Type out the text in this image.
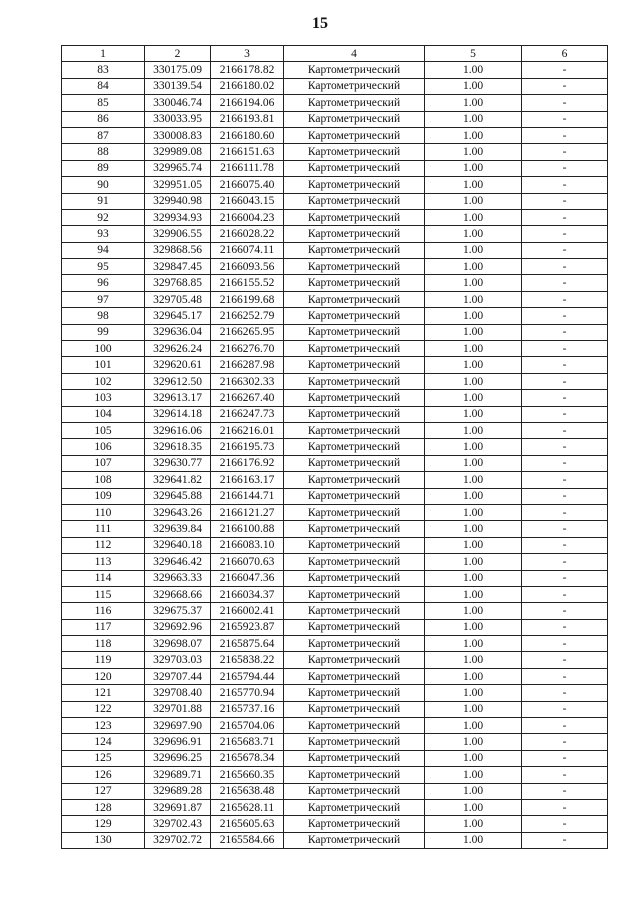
15
1	2	3	4	5	6
83	330175.09	2166178.82	Картометрический	1.00	-
84	330139.54	2166180.02	Картометрический	1.00	-
85	330046.74	2166194.06	Картометрический	1.00	-
86	330033.95	2166193.81	Картометрический	1.00	-
87	330008.83	2166180.60	Картометрический	1.00	-
88	329989.08	2166151.63	Картометрический	1.00	-
89	329965.74	2166111.78	Картометрический	1.00	-
90	329951.05	2166075.40	Картометрический	1.00	-
91	329940.98	2166043.15	Картометрический	1.00	-
92	329934.93	2166004.23	Картометрический	1.00	-
93	329906.55	2166028.22	Картометрический	1.00	-
94	329868.56	2166074.11	Картометрический	1.00	-
95	329847.45	2166093.56	Картометрический	1.00	-
96	329768.85	2166155.52	Картометрический	1.00	-
97	329705.48	2166199.68	Картометрический	1.00	-
98	329645.17	2166252.79	Картометрический	1.00	-
99	329636.04	2166265.95	Картометрический	1.00	-
100	329626.24	2166276.70	Картометрический	1.00	-
101	329620.61	2166287.98	Картометрический	1.00	-
102	329612.50	2166302.33	Картометрический	1.00	-
103	329613.17	2166267.40	Картометрический	1.00	-
104	329614.18	2166247.73	Картометрический	1.00	-
105	329616.06	2166216.01	Картометрический	1.00	-
106	329618.35	2166195.73	Картометрический	1.00	-
107	329630.77	2166176.92	Картометрический	1.00	-
108	329641.82	2166163.17	Картометрический	1.00	-
109	329645.88	2166144.71	Картометрический	1.00	-
110	329643.26	2166121.27	Картометрический	1.00	-
111	329639.84	2166100.88	Картометрический	1.00	-
112	329640.18	2166083.10	Картометрический	1.00	-
113	329646.42	2166070.63	Картометрический	1.00	-
114	329663.33	2166047.36	Картометрический	1.00	-
115	329668.66	2166034.37	Картометрический	1.00	-
116	329675.37	2166002.41	Картометрический	1.00	-
117	329692.96	2165923.87	Картометрический	1.00	-
118	329698.07	2165875.64	Картометрический	1.00	-
119	329703.03	2165838.22	Картометрический	1.00	-
120	329707.44	2165794.44	Картометрический	1.00	-
121	329708.40	2165770.94	Картометрический	1.00	-
122	329701.88	2165737.16	Картометрический	1.00	-
123	329697.90	2165704.06	Картометрический	1.00	-
124	329696.91	2165683.71	Картометрический	1.00	-
125	329696.25	2165678.34	Картометрический	1.00	-
126	329689.71	2165660.35	Картометрический	1.00	-
127	329689.28	2165638.48	Картометрический	1.00	-
128	329691.87	2165628.11	Картометрический	1.00	-
129	329702.43	2165605.63	Картометрический	1.00	-
130	329702.72	2165584.66	Картометрический	1.00	-
